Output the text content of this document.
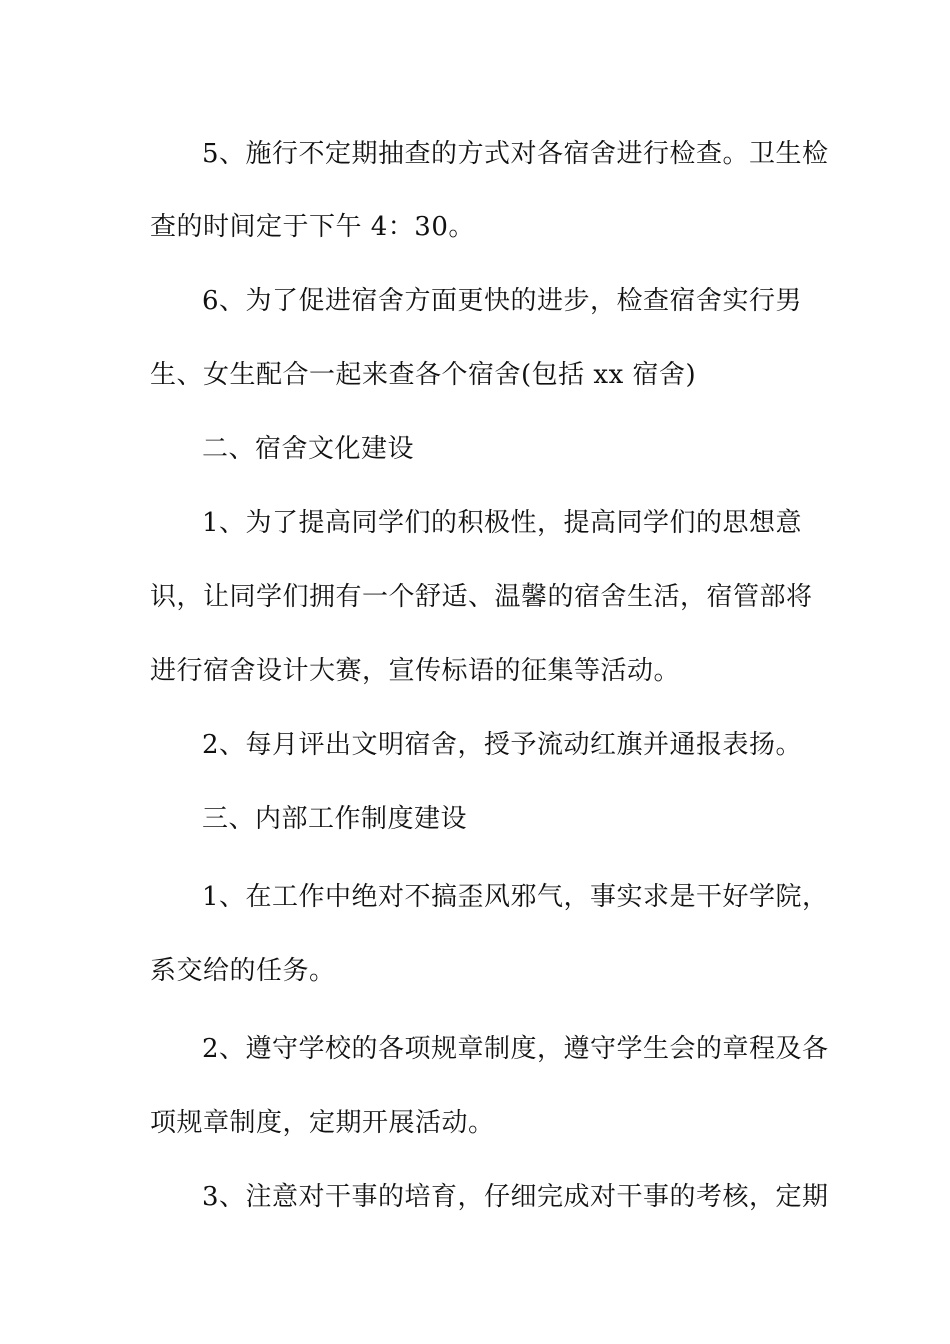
5、施行不定期抽查的方式对各宿舍进行检查。卫生检
查的时间定于下午 4：30。
6、为了促进宿舍方面更快的进步，检查宿舍实行男
生、女生配合一起来查各个宿舍(包括 xx 宿舍)
二、宿舍文化建设
1、为了提高同学们的积极性，提高同学们的思想意
识，让同学们拥有一个舒适、温馨的宿舍生活，宿管部将
进行宿舍设计大赛，宣传标语的征集等活动。
2、每月评出文明宿舍，授予流动红旗并通报表扬。
三、内部工作制度建设
1、在工作中绝对不搞歪风邪气，事实求是干好学院，
系交给的任务。
2、遵守学校的各项规章制度，遵守学生会的章程及各
项规章制度，定期开展活动。
3、注意对干事的培育，仔细完成对干事的考核，定期
